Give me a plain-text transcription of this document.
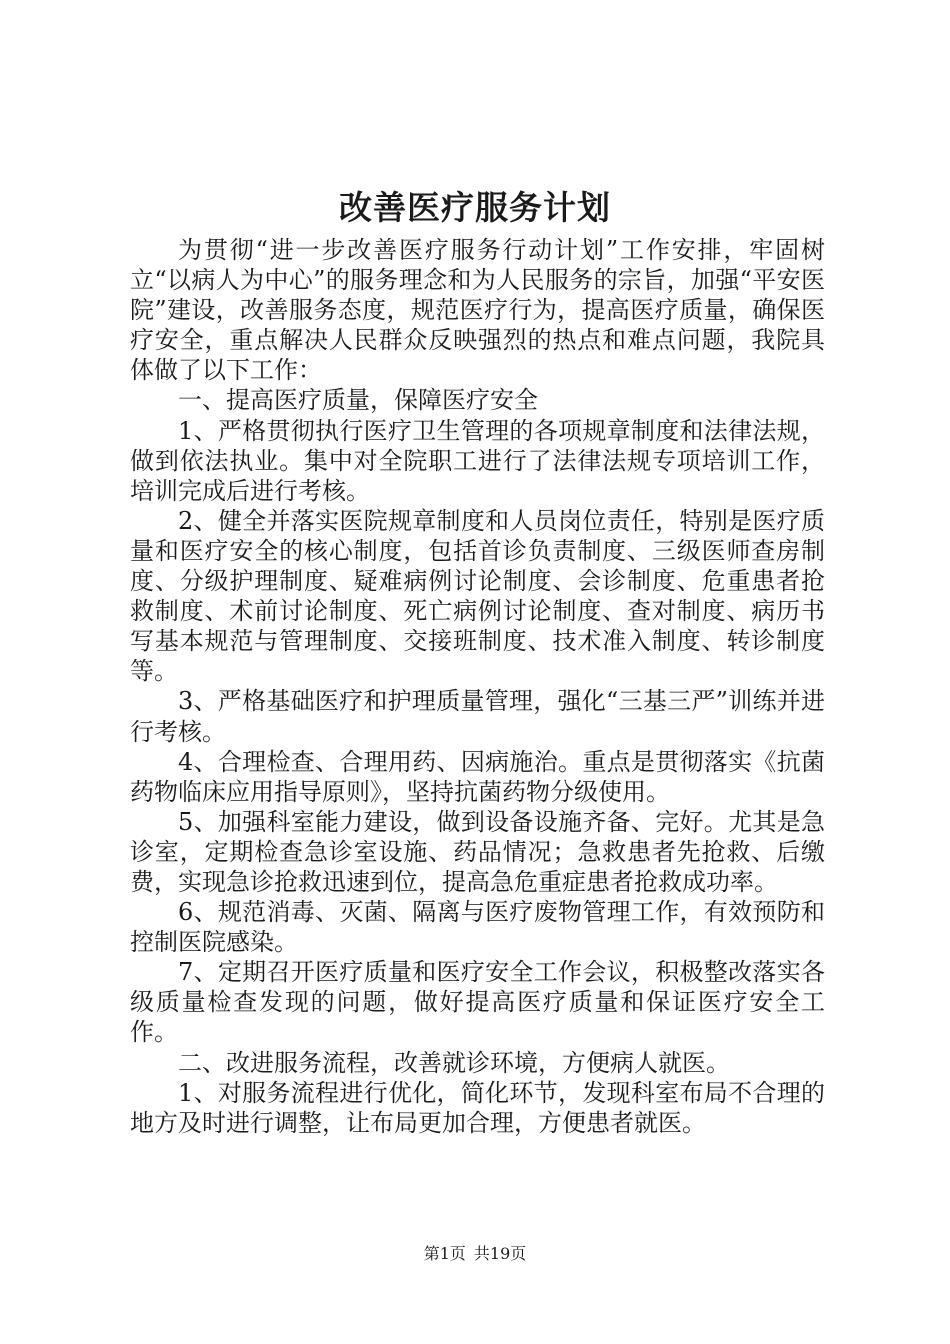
改善医疗服务计划

为贯彻“进一步改善医疗服务行动计划”工作安排，牢固树立“以病人为中心”的服务理念和为人民服务的宗旨，加强“平安医院”建设，改善服务态度，规范医疗行为，提高医疗质量，确保医疗安全，重点解决人民群众反映强烈的热点和难点问题，我院具体做了以下工作：

一、提高医疗质量，保障医疗安全

1、严格贯彻执行医疗卫生管理的各项规章制度和法律法规，做到依法执业。集中对全院职工进行了法律法规专项培训工作，培训完成后进行考核。

2、健全并落实医院规章制度和人员岗位责任，特别是医疗质量和医疗安全的核心制度，包括首诊负责制度、三级医师查房制度、分级护理制度、疑难病例讨论制度、会诊制度、危重患者抢救制度、术前讨论制度、死亡病例讨论制度、查对制度、病历书写基本规范与管理制度、交接班制度、技术准入制度、转诊制度等。

3、严格基础医疗和护理质量管理，强化“三基三严”训练并进行考核。

4、合理检查、合理用药、因病施治。重点是贯彻落实《抗菌药物临床应用指导原则》，坚持抗菌药物分级使用。

5、加强科室能力建设，做到设备设施齐备、完好。尤其是急诊室，定期检查急诊室设施、药品情况；急救患者先抢救、后缴费，实现急诊抢救迅速到位，提高急危重症患者抢救成功率。

6、规范消毒、灭菌、隔离与医疗废物管理工作，有效预防和控制医院感染。

7、定期召开医疗质量和医疗安全工作会议，积极整改落实各级质量检查发现的问题，做好提高医疗质量和保证医疗安全工作。

二、改进服务流程，改善就诊环境，方便病人就医。

1、对服务流程进行优化，简化环节，发现科室布局不合理的地方及时进行调整，让布局更加合理，方便患者就医。

第1页 共19页
